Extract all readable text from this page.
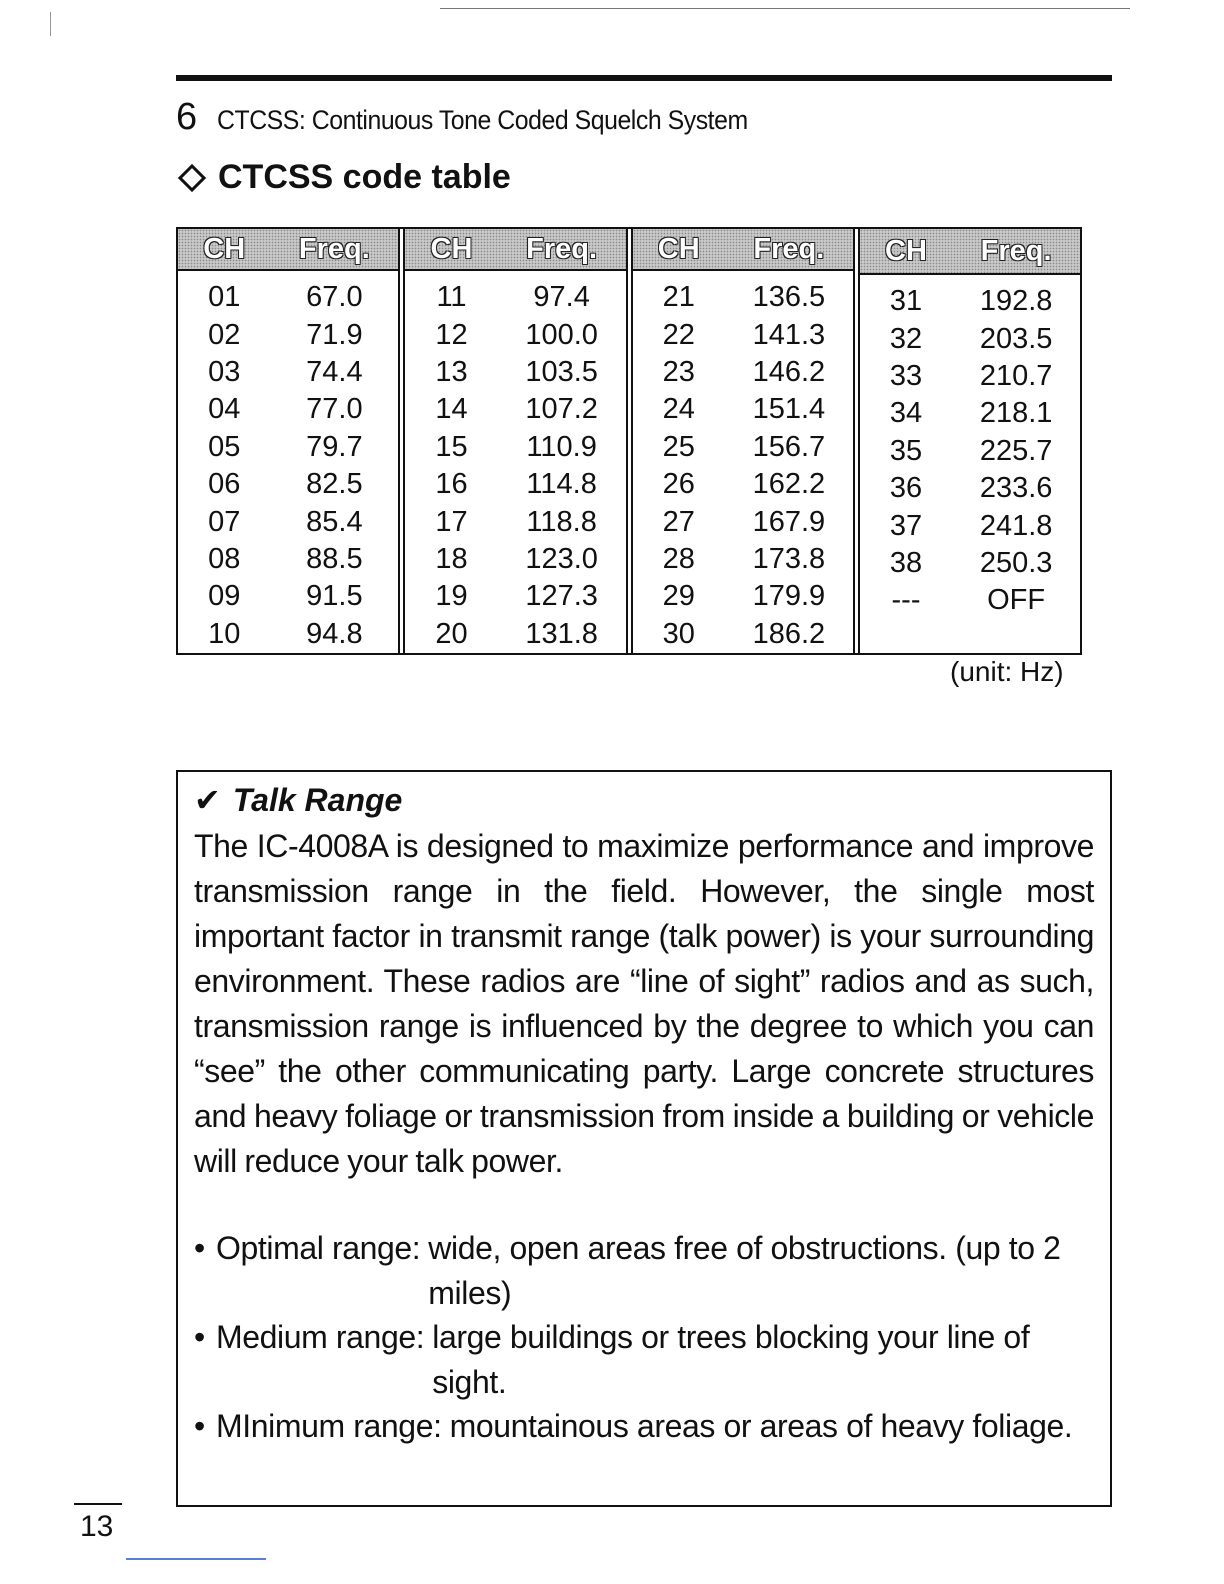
6 CTCSS: Continuous Tone Coded Squelch System
CTCSS code table
CH	Freq.
01	67.0
02	71.9
03	74.4
04	77.0
05	79.7
06	82.5
07	85.4
08	88.5
09	91.5
10	94.8
CH	Freq.
11	97.4
12	100.0
13	103.5
14	107.2
15	110.9
16	114.8
17	118.8
18	123.0
19	127.3
20	131.8
CH	Freq.
21	136.5
22	141.3
23	146.2
24	151.4
25	156.7
26	162.2
27	167.9
28	173.8
29	179.9
30	186.2
CH	Freq.
31	192.8
32	203.5
33	210.7
34	218.1
35	225.7
36	233.6
37	241.8
38	250.3
---	OFF
(unit: Hz)
✔ Talk Range
The IC-4008A is designed to maximize performance and improve transmission range in the field. However, the single most important factor in transmit range (talk power) is your surrounding environment. These radios are “line of sight” radios and as such, transmission range is influenced by the degree to which you can “see” the other communicating party. Large concrete structures and heavy foliage or transmission from inside a building or vehicle will reduce your talk power.
• Optimal range: wide, open areas free of obstructions. (up to 2 miles)
• Medium range: large buildings or trees blocking your line of sight.
• MInimum range: mountainous areas or areas of heavy foliage.
13
